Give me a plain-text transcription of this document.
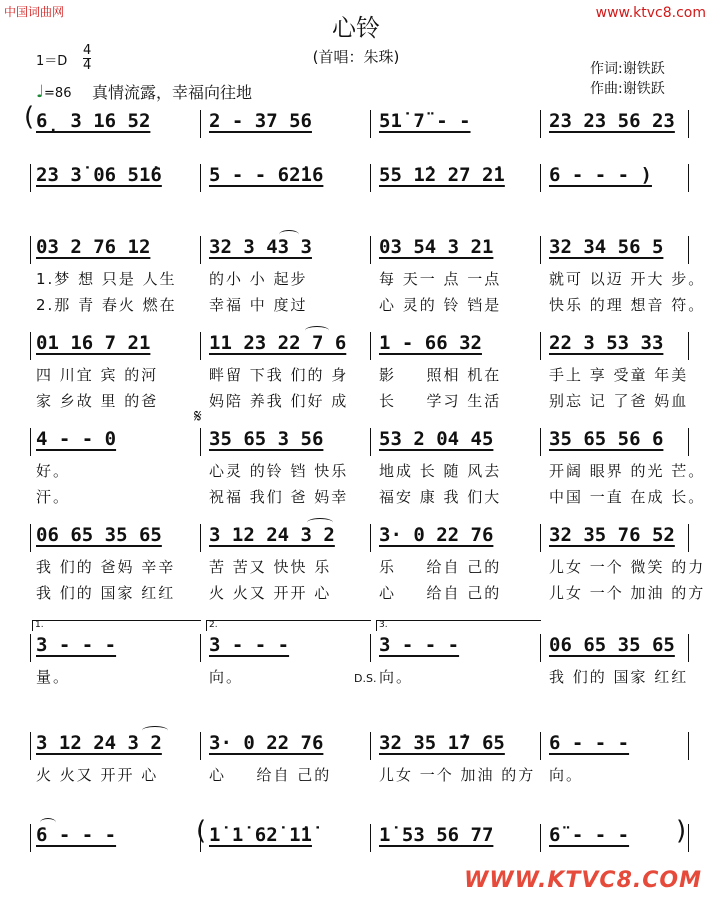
中国词曲网	www.ktvc8.com
心铃
(首唱：朱珠)
1＝D
4
4
♩=86 真情流露，幸福向往地
作词:谢铁跃
作曲:谢铁跃
WWW.KTVC8.COM
6̣ 3 16 52	2 - 37 56	51̇ 7̈ - -	23 23 56 23
(
23 3̇ 06 51̇6 5 - - 62̇16	55 1̇2 27 2̇1 6 - - - )
03 2 76 12	32 3 43 3	03 54 3 21	32 34 56 5
1.梦 想 只是 人生 的小 小 起步	每 天一 点 一点	就可 以迈 开大 步。
2.那 青 春火 燃在 幸福 中 度过	心 灵的 铃 铛是	快乐 的理 想音 符。
01 16 7 21	11 23 22 7 6 1 - 66 32	22 3 53 33
四 川宜 宾 的河	畔留 下我 们的 身 影 　 照相 机在	手上 享 受童 年美
家 乡故 里 的爸	妈陪 养我 们好 成 长 　 学习 生活	别忘 记 了爸 妈血
4 - - 0	35 65 3 56	53 2 04 45	35 65 56 6
好。	心灵 的铃 铛 快乐 地成 长 随 风去	开阔 眼界 的光 芒。
汗。	祝福 我们 爸 妈幸 福安 康 我 们大	中国 一直 在成 长。
𝄋
06 65 35 65 3 12 24 3 2 3· 0 22 76	32 35 76 52
我 们的 爸妈 辛辛 苦 苦又 快快 乐	乐 　 给自 己的	儿女 一个 微笑 的力
我 们的 国家 红红 火 火又 开开 心	心 　 给自 己的	儿女 一个 加油 的方
3 - - -	3 - - -	3 - - -	06 65 35 65
量。	向。	向。	我 们的 国家 红红
1.	2.	3.
D.S.
3 12 24 3 2 3· 0 22 76	32 35 1̇7 65 6 - - -
火 火又 开开 心	心 　 给自 己的	儿女 一个 加油 的方 向。
6 - - -	1̇ 1̇ 62̇ 1̇1̇	1̇ 53 56 77	6̈ - - - )
(
